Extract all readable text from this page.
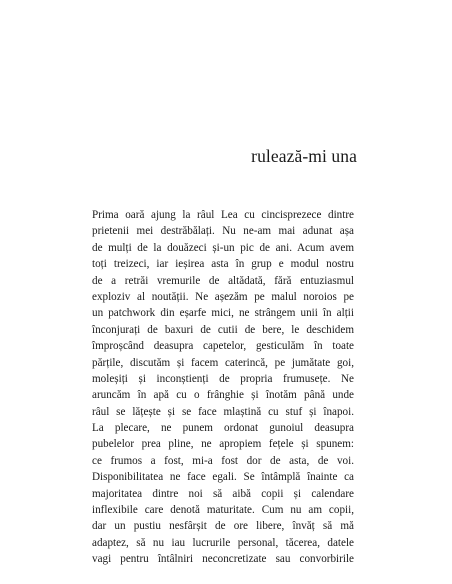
rulează-mi una
Prima oară ajung la râul Lea cu cincisprezece dintre
prietenii mei destrăbălați. Nu ne-am mai adunat așa
de mulți de la douăzeci și-un pic de ani. Acum avem
toți treizeci, iar ieșirea asta în grup e modul nostru
de a retrăi vremurile de altădată, fără entuziasmul
exploziv al noutății. Ne așezăm pe malul noroios pe
un patchwork din eșarfe mici, ne strângem unii în alții
înconjurați de baxuri de cutii de bere, le deschidem
împroșcând deasupra capetelor, gesticulăm în toate
părțile, discutăm și facem caterincă, pe jumătate goi,
moleșiți și inconștienți de propria frumusețe. Ne
aruncăm în apă cu o frânghie și înotăm până unde
râul se lățește și se face mlaștină cu stuf și înapoi.
La plecare, ne punem ordonat gunoiul deasupra
pubelelor prea pline, ne apropiem fețele și spunem:
ce frumos a fost, mi-a fost dor de asta, de voi.
Disponibilitatea ne face egali. Se întâmplă înainte ca
majoritatea dintre noi să aibă copii și calendare
inflexibile care denotă maturitate. Cum nu am copii,
dar un pustiu nesfârșit de ore libere, învăț să mă
adaptez, să nu iau lucrurile personal, tăcerea, datele
vagi pentru întâlniri neconcretizate sau convorbirile
